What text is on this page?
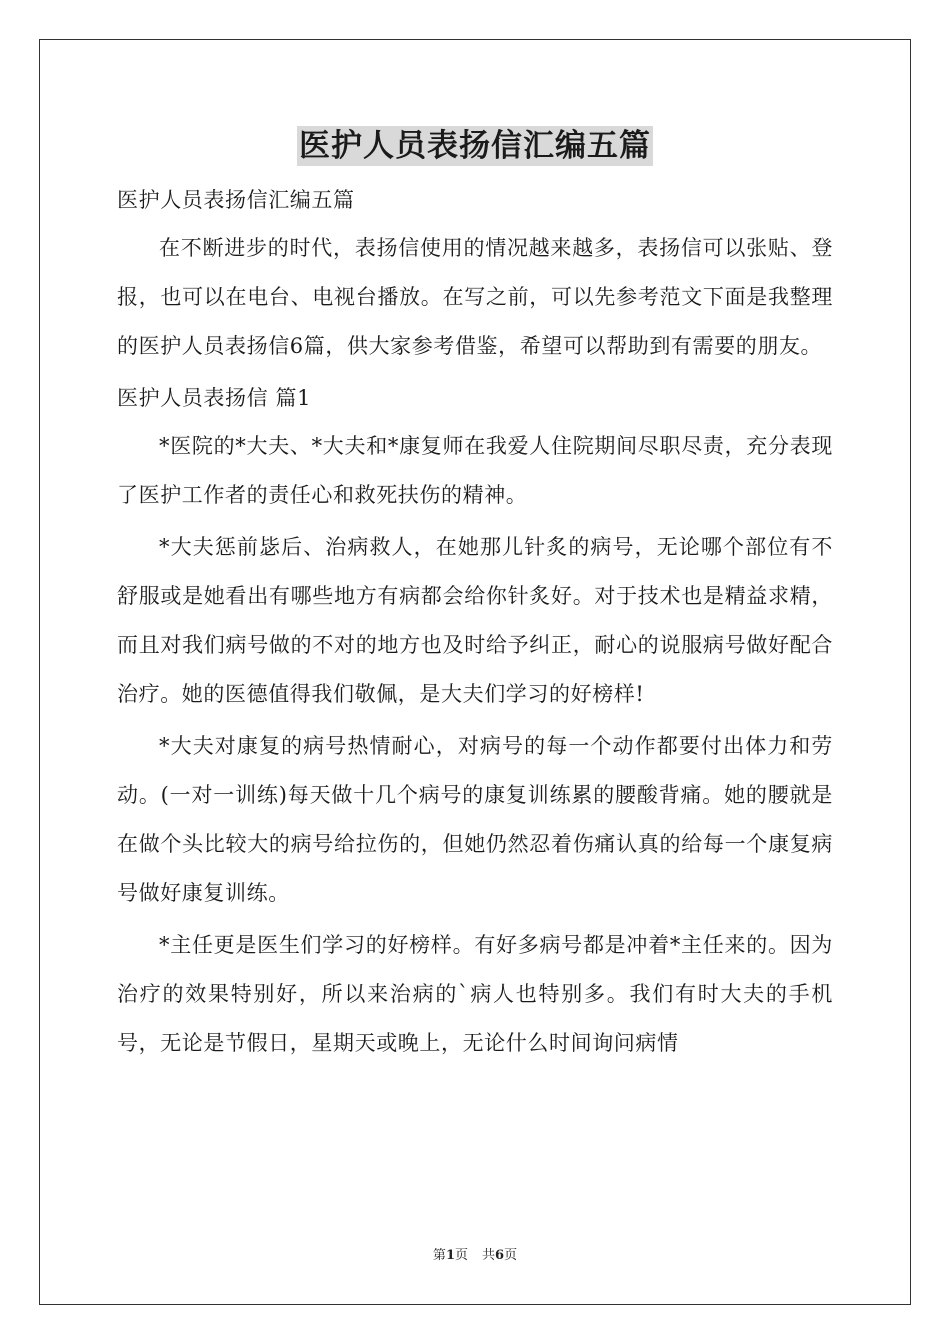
医护人员表扬信汇编五篇

医护人员表扬信汇编五篇

在不断进步的时代，表扬信使用的情况越来越多，表扬信可以张贴、登报，也可以在电台、电视台播放。在写之前，可以先参考范文下面是我整理的医护人员表扬信6篇，供大家参考借鉴，希望可以帮助到有需要的朋友。

医护人员表扬信 篇1

*医院的*大夫、*大夫和*康复师在我爱人住院期间尽职尽责，充分表现了医护工作者的责任心和救死扶伤的精神。

*大夫惩前毖后、治病救人，在她那儿针炙的病号，无论哪个部位有不舒服或是她看出有哪些地方有病都会给你针炙好。对于技术也是精益求精，而且对我们病号做的不对的地方也及时给予纠正，耐心的说服病号做好配合治疗。她的医德值得我们敬佩，是大夫们学习的好榜样!

*大夫对康复的病号热情耐心，对病号的每一个动作都要付出体力和劳动。(一对一训练)每天做十几个病号的康复训练累的腰酸背痛。她的腰就是在做个头比较大的病号给拉伤的，但她仍然忍着伤痛认真的给每一个康复病号做好康复训练。

*主任更是医生们学习的好榜样。有好多病号都是冲着*主任来的。因为治疗的效果特别好，所以来治病的`病人也特别多。我们有时大夫的手机号，无论是节假日，星期天或晚上，无论什么时间询问病情

第1页 共6页
